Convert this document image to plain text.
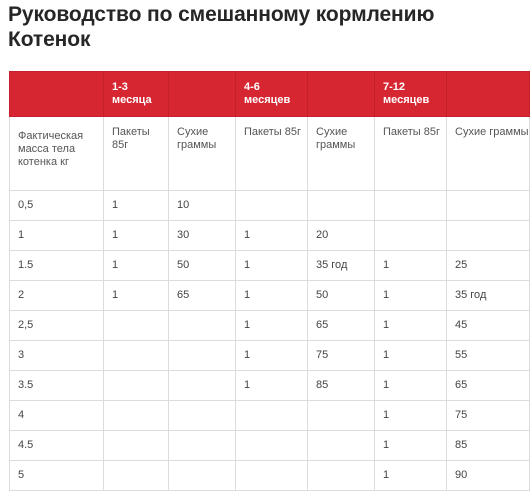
Руководство по смешанному кормлению Котенок
	1-3 месяца		4-6 месяцев		7-12 месяцев	
Фактическая масса тела котенка кг	Пакеты 85г	Сухие граммы	Пакеты 85г	Сухие граммы	Пакеты 85г	Сухие граммы
0,5	1	10				
1	1	30	1	20		
1.5	1	50	1	35 год	1	25
2	1	65	1	50	1	35 год
2,5			1	65	1	45
3			1	75	1	55
3.5			1	85	1	65
4					1	75
4.5					1	85
5					1	90
